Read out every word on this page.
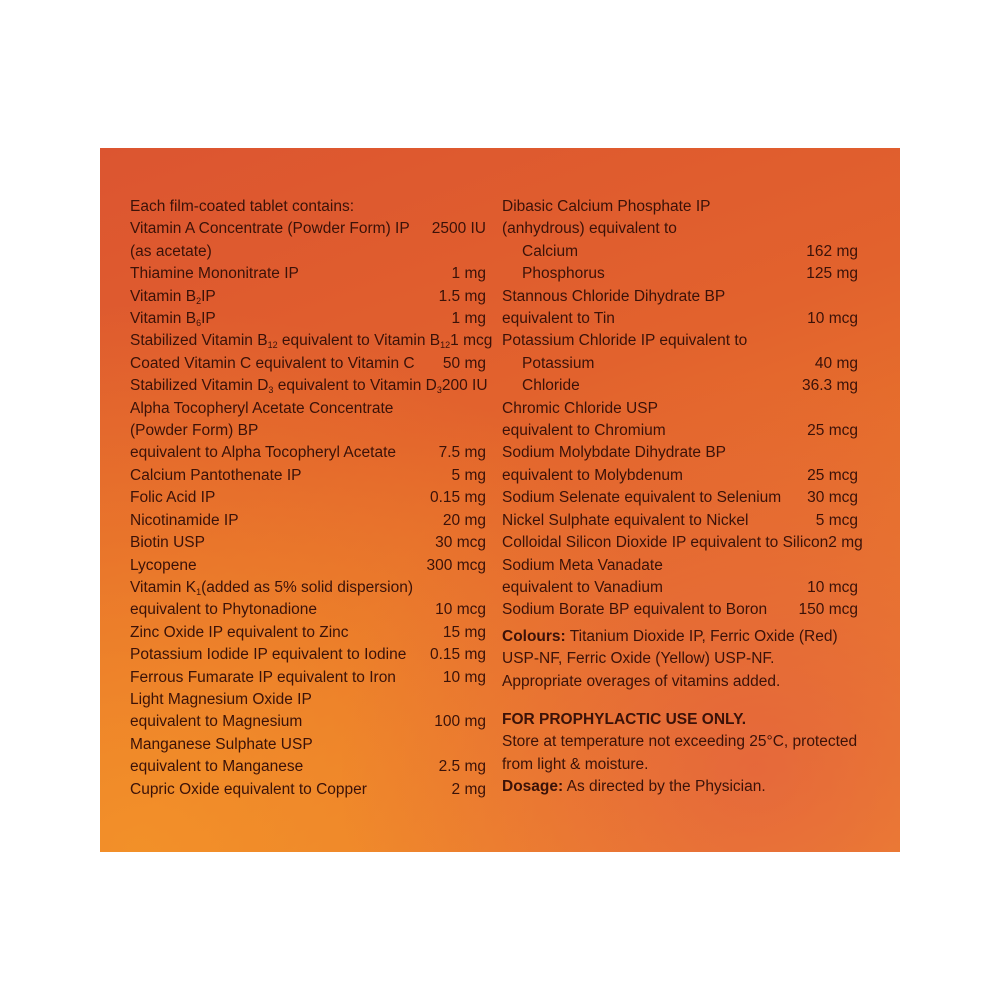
Each film-coated tablet contains:
Vitamin A Concentrate (Powder Form) IP 2500 IU
(as acetate)
Thiamine Mononitrate IP	1 mg
Vitamin $B_2IP$	1.5 mg
Vitamin $B_6IP$	1 mg
Stabilized Vitamin $B_{12}$ equivalent to Vitamin $B_{12}$ 1 mcg
Coated Vitamin C equivalent to Vitamin C 50 mg
Stabilized Vitamin $D_3$ equivalent to Vitamin $D_3$ 200 IU
Alpha Tocopheryl Acetate Concentrate
(Powder Form) BP
equivalent to Alpha Tocopheryl Acetate	7.5 mg
Calcium Pantothenate IP	5 mg
Folic Acid IP	0.15 mg
Nicotinamide IP	20 mg
Biotin USP	30 mcg
Lycopene	300 mcg
Vitamin $K_1(added$ as 5% solid dispersion)
equivalent to Phytonadione	10 mcg
Zinc Oxide IP equivalent to Zinc	15 mg
Potassium Iodide IP equivalent to Iodine 0.15 mg
Ferrous Fumarate IP equivalent to Iron	10 mg
Light Magnesium Oxide IP
equivalent to Magnesium	100 mg
Manganese Sulphate USP
equivalent to Manganese	2.5 mg
Cupric Oxide equivalent to Copper	2 mg
Dibasic Calcium Phosphate IP
(anhydrous) equivalent to
Calcium	162 mg
Phosphorus	125 mg
Stannous Chloride Dihydrate BP
equivalent to Tin	10 mcg
Potassium Chloride IP equivalent to
Potassium	40 mg
Chloride	36.3 mg
Chromic Chloride USP
equivalent to Chromium	25 mcg
Sodium Molybdate Dihydrate BP
equivalent to Molybdenum	25 mcg
Sodium Selenate equivalent to Selenium 30 mcg
Nickel Sulphate equivalent to Nickel	5 mcg
Colloidal Silicon Dioxide IP equivalent to Silicon 2 mg
Sodium Meta Vanadate
equivalent to Vanadium	10 mcg
Sodium Borate BP equivalent to Boron 150 mcg
Colours: Titanium Dioxide IP, Ferric Oxide (Red) USP-NF, Ferric Oxide (Yellow) USP-NF.
Appropriate overages of vitamins added.
FOR PROPHYLACTIC USE ONLY.
Store at temperature not exceeding 25°C, protected from light & moisture.
Dosage: As directed by the Physician.
